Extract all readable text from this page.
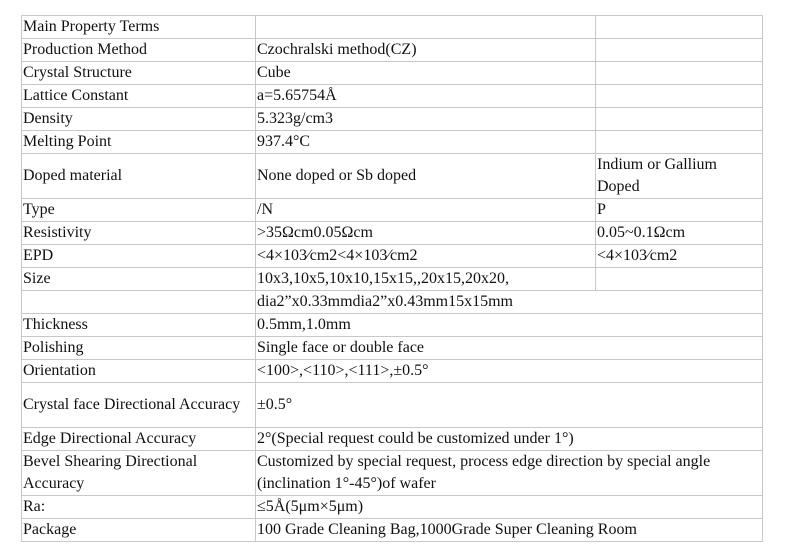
Main Property Terms		
Production Method	Czochralski method(CZ)	
Crystal Structure	Cube	
Lattice Constant	a=5.65754Å	
Density	5.323g/cm3	
Melting Point	937.4°C	
Doped material	None doped or Sb doped	Indium or Gallium Doped
Type	/N	P
Resistivity	>35Ωcm0.05Ωcm	0.05~0.1Ωcm
EPD	<4×103∕cm2<4×103∕cm2	<4×103∕cm2
Size	10x3,10x5,10x10,15x15,,20x15,20x20,	
	dia2”x0.33mmdia2”x0.43mm15x15mm	
Thickness	0.5mm,1.0mm	
Polishing	Single face or double face	
Orientation	<100>,<110>,<111>,±0.5°	
Crystal face Directional Accuracy	±0.5°	
Edge Directional Accuracy	2°(Special request could be customized under 1°)	
Bevel Shearing Directional Accuracy	Customized by special request, process edge direction by special angle (inclination 1°-45°)of wafer	
Ra:	≤5Å(5μm×5μm)	
Package	100 Grade Cleaning Bag,1000Grade Super Cleaning Room	
